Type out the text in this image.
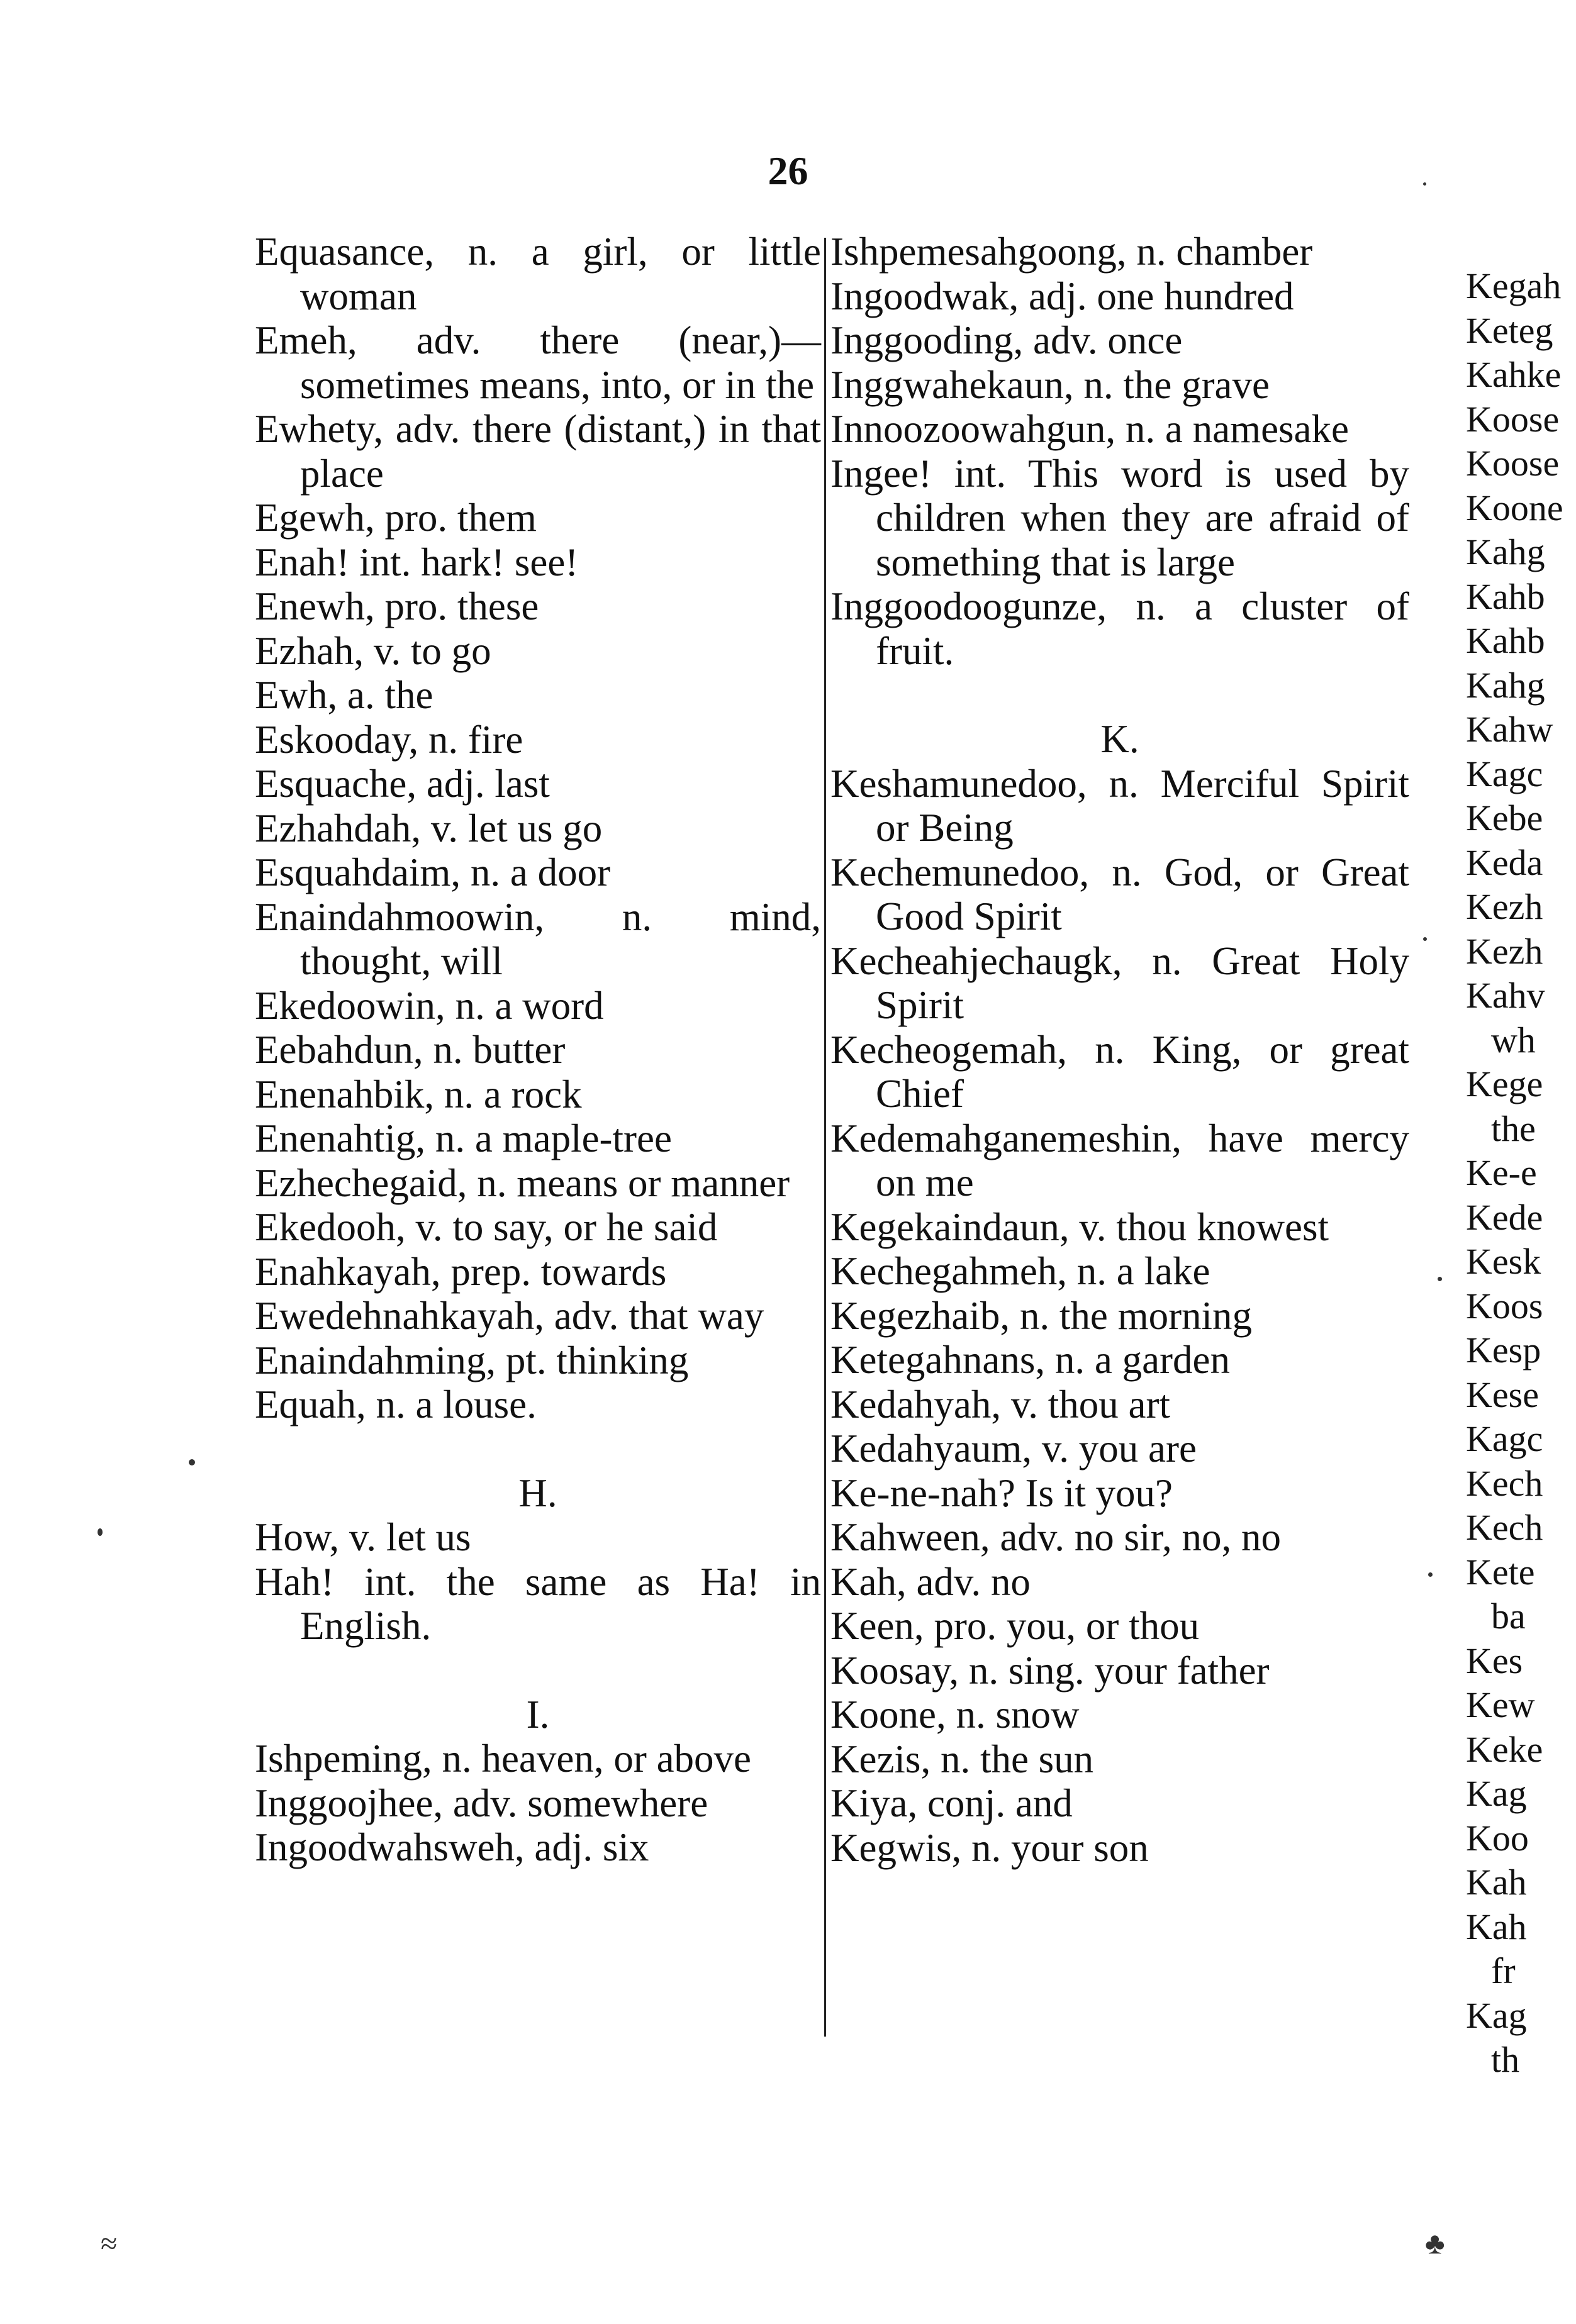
26
Equasance, n. a girl, or little woman
Emeh, adv. there (near,)—sometimes means, into, or in the
Ewhety, adv. there (distant,) in that place
Egewh, pro. them
Enah! int. hark! see!
Enewh, pro. these
Ezhah, v. to go
Ewh, a. the
Eskooday, n. fire
Esquache, adj. last
Ezhahdah, v. let us go
Esquahdaim, n. a door
Enaindahmoowin, n. mind, thought, will
Ekedoowin, n. a word
Eebahdun, n. butter
Enenahbik, n. a rock
Enenahtig, n. a maple-tree
Ezhechegaid, n. means or manner
Ekedooh, v. to say, or he said
Enahkayah, prep. towards
Ewedehnahkayah, adv. that way
Enaindahming, pt. thinking
Equah, n. a louse.
H.
How, v. let us
Hah! int. the same as Ha! in English.
I.
Ishpeming, n. heaven, or above
Inggoojhee, adv. somewhere
Ingoodwahsweh, adj. six
Ishpemesahgoong, n. chamber
Ingoodwak, adj. one hundred
Inggooding, adv. once
Inggwahekaun, n. the grave
Innoozoowahgun, n. a namesake
Ingee! int. This word is used by children when they are afraid of something that is large
Inggoodoogunze, n. a cluster of fruit.
K.
Keshamunedoo, n. Merciful Spirit or Being
Kechemunedoo, n. God, or Great Good Spirit
Kecheahjechaugk, n. Great Holy Spirit
Kecheogemah, n. King, or great Chief
Kedemahganemeshin, have mercy on me
Kegekaindaun, v. thou knowest
Kechegahmeh, n. a lake
Kegezhaib, n. the morning
Ketegahnans, n. a garden
Kedahyah, v. thou art
Kedahyaum, v. you are
Ke-ne-nah? Is it you?
Kahween, adv. no sir, no, no
Kah, adv. no
Keen, pro. you, or thou
Koosay, n. sing. your father
Koone, n. snow
Kezis, n. the sun
Kiya, conj. and
Kegwis, n. your son
Kegah
Keteg
Kahke
Koose
Koose
Koone
Kahg
Kahb
Kahb
Kahg
Kahw
Kagc
Kebe
Keda
Kezh
Kezh
Kahv
wh
Kege
the
Ke-e
Kede
Kesk
Koos
Kesp
Kese
Kagc
Kech
Kech
Kete
ba
Kes
Kew
Keke
Kag
Koo
Kah
Kah
fr
Kag
th
≈	♣
